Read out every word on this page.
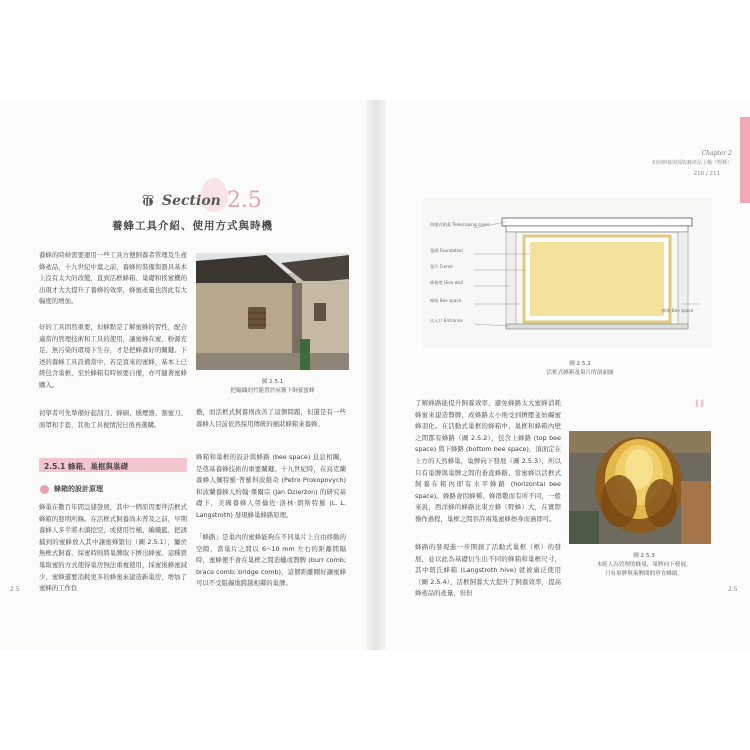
Section 2.5
養蜂工具介紹、使用方式與時機
養蜂的時候需要運用一些工具方便飼養者管理及生產蜂產品，十九世紀中葉之前，養蜂的裝備與器具基本上沒有太大的改變，直到活框蜂箱、巢礎和搖蜜機的出現才大大提升了養蜂的效率，蜂蜜產量也因此有大幅度的增加。
好的工具固然重要，但蜂點是了解蜜蜂的習性，配合適當的管理技術和工具的使用，讓蜜蜂在蜜、粉源充足、無污染的環境下生存，才是把蜂養好的關鍵。下述的養蜂工具設備當中，若是買來的蜜蜂，基本上已經包含巢框，至於蜂箱有時候要自備，亦可隨著蜜蜂購入。
初學者可先準備好起刮刀、蜂刷、燻煙器、割蜜刀、面罩和手套，其他工具視情況日後再選購。
2.5.1 蜂箱、巢框與巢礎
蜂箱的設計原理
蜂巢在數百年間急遽發展，其中一個原因要拜活框式蜂箱的發明所賜。在活框式飼養尚未普及之前，早期養蜂人多半將木頭挖空，或使用竹桶、編織籃，把誘捕到的蜜蜂放入其中讓蜜蜂繁衍（圖 2.5.1），屬於無框式飼養，採蜜時則將巢脾取下擠出蜂蜜。這種毀巢取蜜的方式使得巢房無法重複使用，採蜜後蜂蜜減少，蜜蜂還要消耗更多的蜂蜜來建造新巢房，增加了蜜蜂的工作負
圖 2.5.1
把編織的竹籠置於屋簷下飼養蜜蜂
擔，而活框式飼養則改善了這個問題，但還是有一些養蜂人目前依然採用傳統的桶狀蜂箱來養蜂。
蜂箱和巢框的設計與蜂路 (bee space) 息息相關，是奠基養蜂技術的重要關鍵。十九世紀時，在烏克蘭養蜂人佩特羅‧普羅科波維奇 (Petro Prokopovych) 和波蘭養蜂人約翰‧傑爾宗 (Jan Dzierżon) 的研究基礎下，美國養蜂人勞倫佐‧洛林‧朗斯特羅 (L. L. Langstroth) 發現蜂巢蜂路原理。
「蜂路」是巢內的蜜蜂能夠在不同巢片上自由移動的空隙，當巢片之間以 6~10 mm 左右的距離間隔時，蜜蜂便不會在巢框之間造蠟或贅脾 (burr comb; brace comb; bridge comb)，這個距離剛好讓蜜蜂可以不受阻礙地跨越相鄰的巢脾。
2.5
Chapter 2
如何飼養與採收蜂產品主軸（野蜂）
210 / 211
伸縮式箱蓋 Telescoping cover
巢礎 Foundation
巢片 Frame
蜂箱壁 Hive wall
蜂路 Bee space
出入口 Entrance
蜂路 Bee space
圖 2.5.2
活框式蜂箱及巢片的剖面圖
"
了解蜂路能提升飼養效率，避免蜂路太大蜜蜂消耗蜂蜜來建造贅脾，或蜂路太小則受到擠壓並妨礙蜜蜂羽化。在活動式巢框的蜂箱中，巢框和蜂箱內壁之間都有蜂路（圖 2.5.2），包含上蜂路 (top bee space) 與下蜂路 (bottom bee space)，頂面定在上方的天然蜂巢，巢脾向下發展（圖 2.5.3），所以只有巢脾與巢脾之間的垂直蜂路，當蜜蜂以活框式飼養在箱內即有水平蜂路 (horizontal bee space)。蜂路會因蜂種、蜂群數而有所不同，一般來說，西洋蜂的蜂路比東方蜂（野蜂）大，在實際操作過程，巢框之間容許兩隻蜜蜂擦身而過即可。
蜂路的發現進一步開創了活動式巢框（框）的發展，並以此為基礎衍生出不同的蜂箱和巢框尺寸，其中朗氏蜂箱 (Langstroth hive) 就被廣泛使用（圖 2.5.4），活框飼養大大提升了飼養效率，提高蜂產品的產量，但但
圖 2.5.3
未經人為管理的蜂巢，巢脾向下發展，
只有巢脾與巢脾間的垂直蜂路。
2.5
